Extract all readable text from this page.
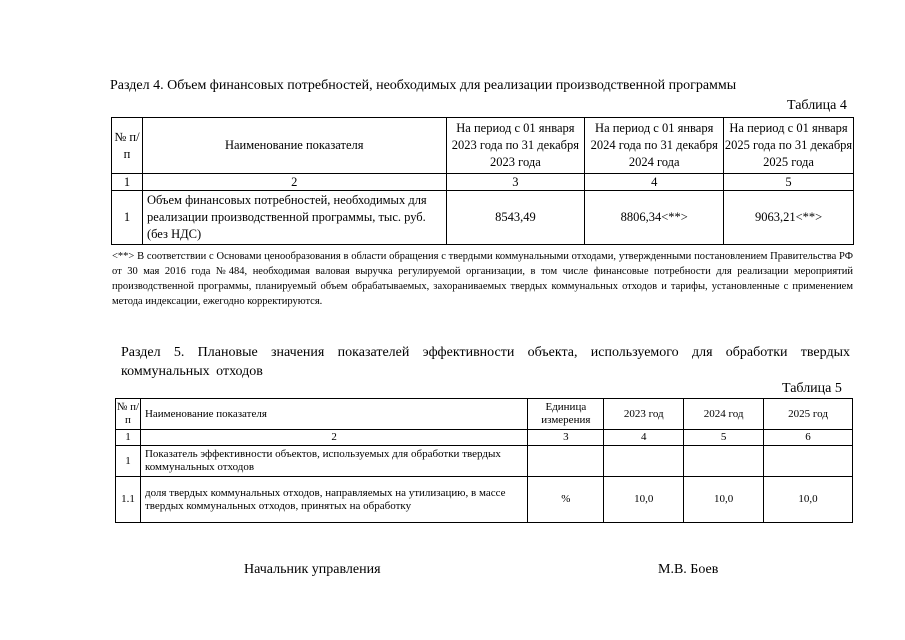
Раздел 4. Объем финансовых потребностей, необходимых для реализации производственной программы
Таблица 4
№ п/п	Наименование показателя	На период с 01 января 2023 года по 31 декабря 2023 года	На период с 01 января 2024 года по 31 декабря 2024 года	На период с 01 января 2025 года по 31 декабря 2025 года
1	2	3	4	5
1	Объем финансовых потребностей, необходимых для реализации производственной программы, тыс. руб. (без НДС)	8543,49	8806,34<**>	9063,21<**>
<**> В соответствии с Основами ценообразования в области обращения с твердыми коммунальными отходами, утвержденными постановлением Правительства РФ от 30 мая 2016 года №484, необходимая валовая выручка регулируемой организации, в том числе финансовые потребности для реализации мероприятий производственной программы, планируемый объем обрабатываемых, захораниваемых твердых коммунальных отходов и тарифы, установленные с применением метода индексации, ежегодно корректируются.
Раздел 5. Плановые значения показателей эффективности объекта, используемого для обработки твердых коммунальных отходов
Таблица 5
№ п/п	Наименование показателя	Единица измерения	2023 год	2024 год	2025 год
1	2	3	4	5	6
1	Показатель эффективности объектов, используемых для обработки твердых коммунальных отходов				
1.1	доля твердых коммунальных отходов, направляемых на утилизацию, в массе твердых коммунальных отходов, принятых на обработку	%	10,0	10,0	10,0
Начальник управления	М.В. Боев
